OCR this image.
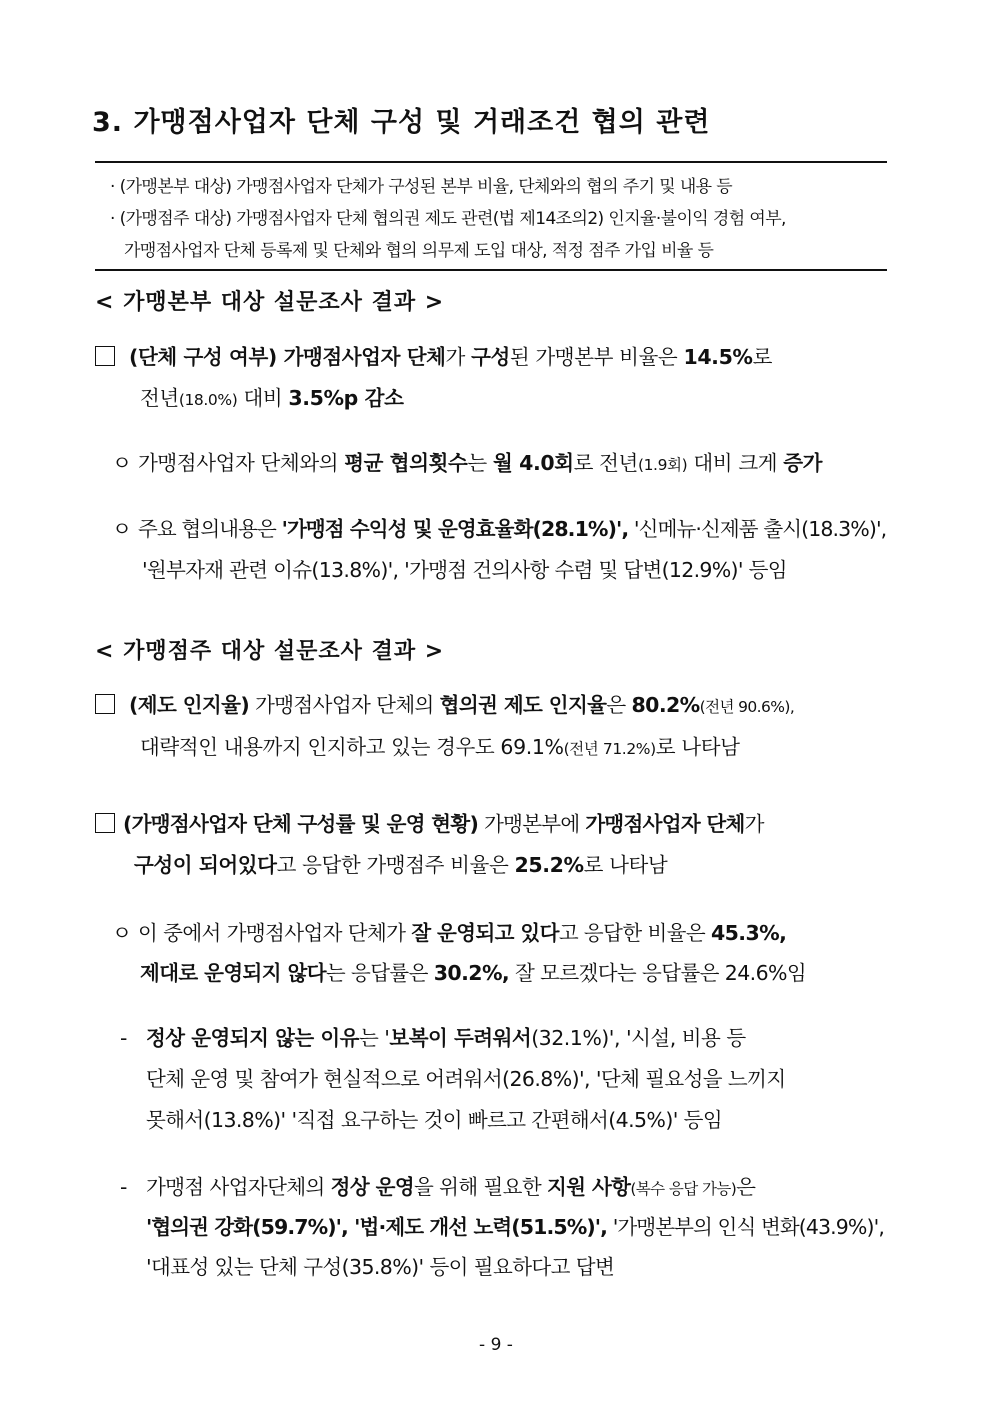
3. 가맹점사업자 단체 구성 및 거래조건 협의 관련
· (가맹본부 대상) 가맹점사업자 단체가 구성된 본부 비율, 단체와의 협의 주기 및 내용 등
· (가맹점주 대상) 가맹점사업자 단체 협의권 제도 관련(법 제14조의2) 인지율·불이익 경험 여부,
가맹점사업자 단체 등록제 및 단체와 협의 의무제 도입 대상, 적정 점주 가입 비율 등
< 가맹본부 대상 설문조사 결과 >
(단체 구성 여부) 가맹점사업자 단체가 구성된 가맹본부 비율은 14.5%로
전년(18.0%) 대비 3.5%p 감소
ㅇ 가맹점사업자 단체와의 평균 협의횟수는 월 4.0회로 전년(1.9회) 대비 크게 증가
ㅇ 주요 협의내용은 '가맹점 수익성 및 운영효율화(28.1%)', '신메뉴·신제품 출시(18.3%)',
'원부자재 관련 이슈(13.8%)', '가맹점 건의사항 수렴 및 답변(12.9%)' 등임
< 가맹점주 대상 설문조사 결과 >
(제도 인지율) 가맹점사업자 단체의 협의권 제도 인지율은 80.2%(전년 90.6%),
대략적인 내용까지 인지하고 있는 경우도 69.1%(전년 71.2%)로 나타남
(가맹점사업자 단체 구성률 및 운영 현황) 가맹본부에 가맹점사업자 단체가
구성이 되어있다고 응답한 가맹점주 비율은 25.2%로 나타남
ㅇ 이 중에서 가맹점사업자 단체가 잘 운영되고 있다고 응답한 비율은 45.3%,
제대로 운영되지 않다는 응답률은 30.2%, 잘 모르겠다는 응답률은 24.6%임
- 정상 운영되지 않는 이유는 '보복이 두려워서(32.1%)', '시설, 비용 등
단체 운영 및 참여가 현실적으로 어려워서(26.8%)', '단체 필요성을 느끼지
못해서(13.8%)' '직접 요구하는 것이 빠르고 간편해서(4.5%)' 등임
- 가맹점 사업자단체의 정상 운영을 위해 필요한 지원 사항(복수 응답 가능)은
'협의권 강화(59.7%)', '법·제도 개선 노력(51.5%)', '가맹본부의 인식 변화(43.9%)',
'대표성 있는 단체 구성(35.8%)' 등이 필요하다고 답변
- 9 -
